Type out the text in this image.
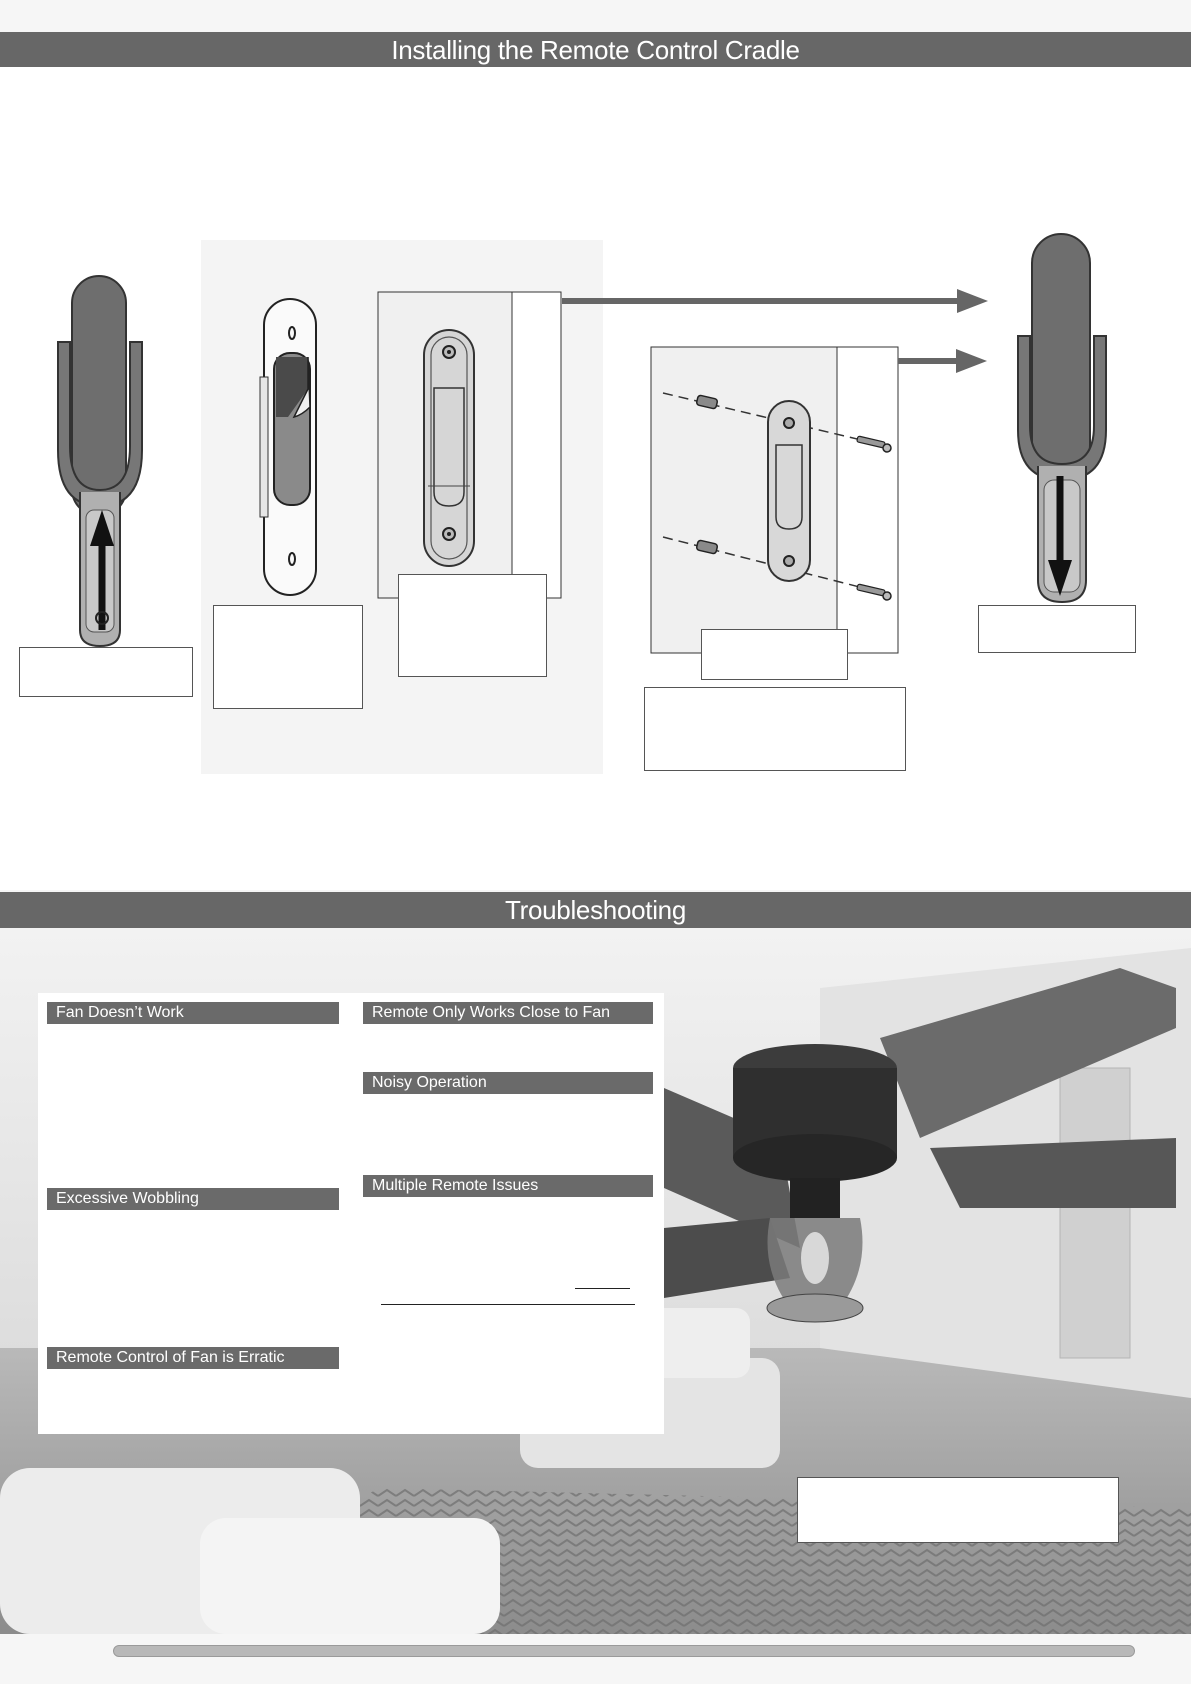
Installing the Remote Control Cradle
Troubleshooting
Fan Doesn’t Work
Excessive Wobbling
Remote Control of Fan is Erratic
Remote Only Works Close to Fan
Noisy Operation
Multiple Remote Issues
